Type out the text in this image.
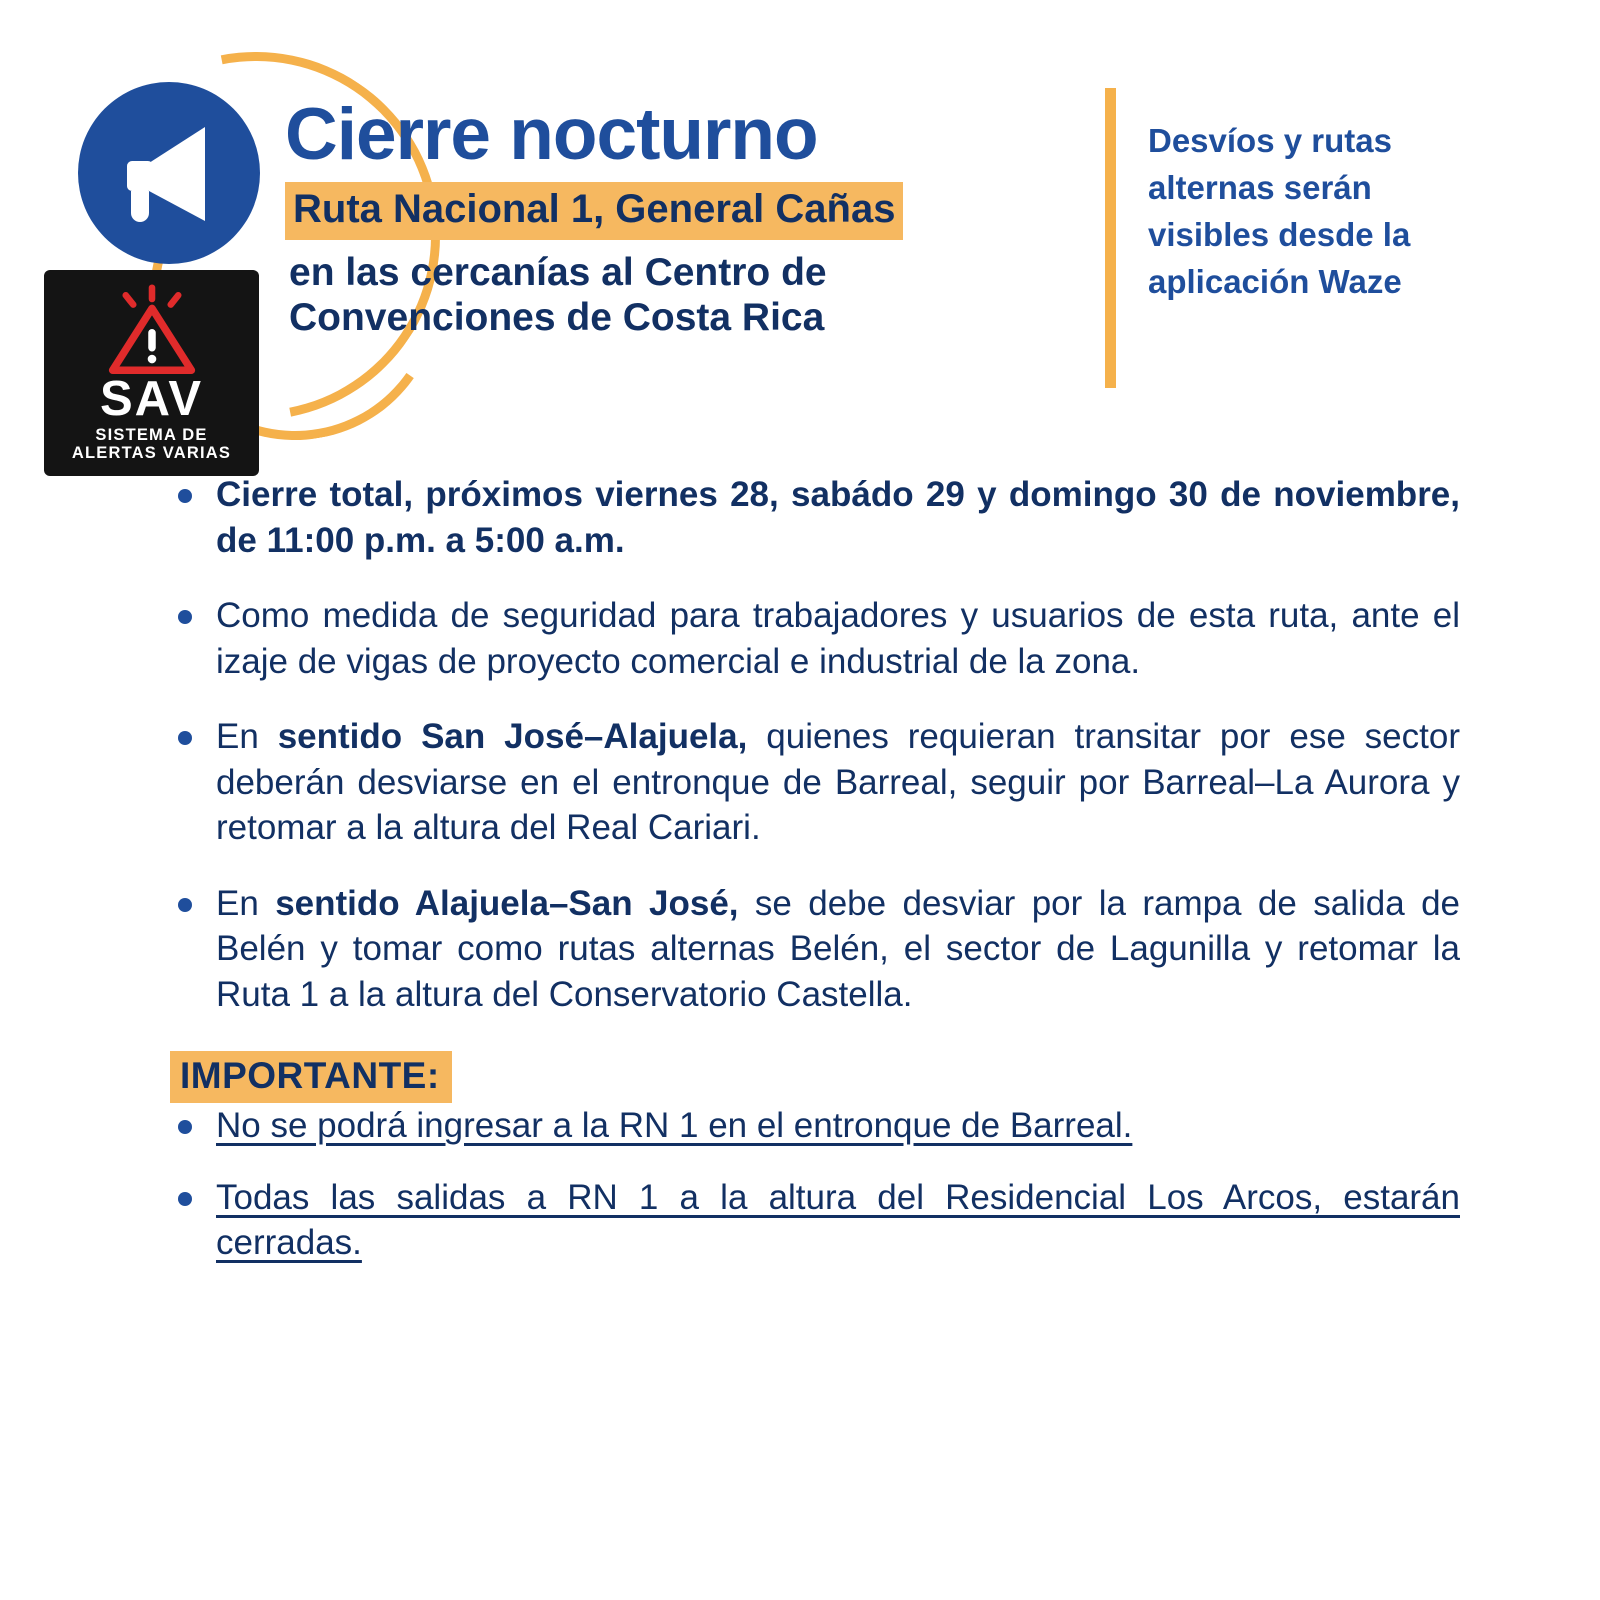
SAV
SISTEMA DE
ALERTAS VARIAS
Cierre nocturno
Ruta Nacional 1, General Cañas
en las cercanías al Centro de
Convenciones de Costa Rica
Desvíos y rutas alternas serán visibles desde la aplicación Waze
Cierre total, próximos viernes 28, sabádo 29 y domingo 30 de noviembre, de 11:00 p.m. a 5:00 a.m.
Como medida de seguridad para trabajadores y usuarios de esta ruta, ante el izaje de vigas de proyecto comercial e industrial de la zona.
En sentido San José–Alajuela, quienes requieran transitar por ese sector deberán desviarse en el entronque de Barreal, seguir por Barreal–La Aurora y retomar a la altura del Real Cariari.
En sentido Alajuela–San José, se debe desviar por la rampa de salida de Belén y tomar como rutas alternas Belén, el sector de Lagunilla y retomar la Ruta 1 a la altura del Conservatorio Castella.
IMPORTANTE:
No se podrá ingresar a la RN 1 en el entronque de Barreal.
Todas las salidas a RN 1 a la altura del Residencial Los Arcos, estarán cerradas.
